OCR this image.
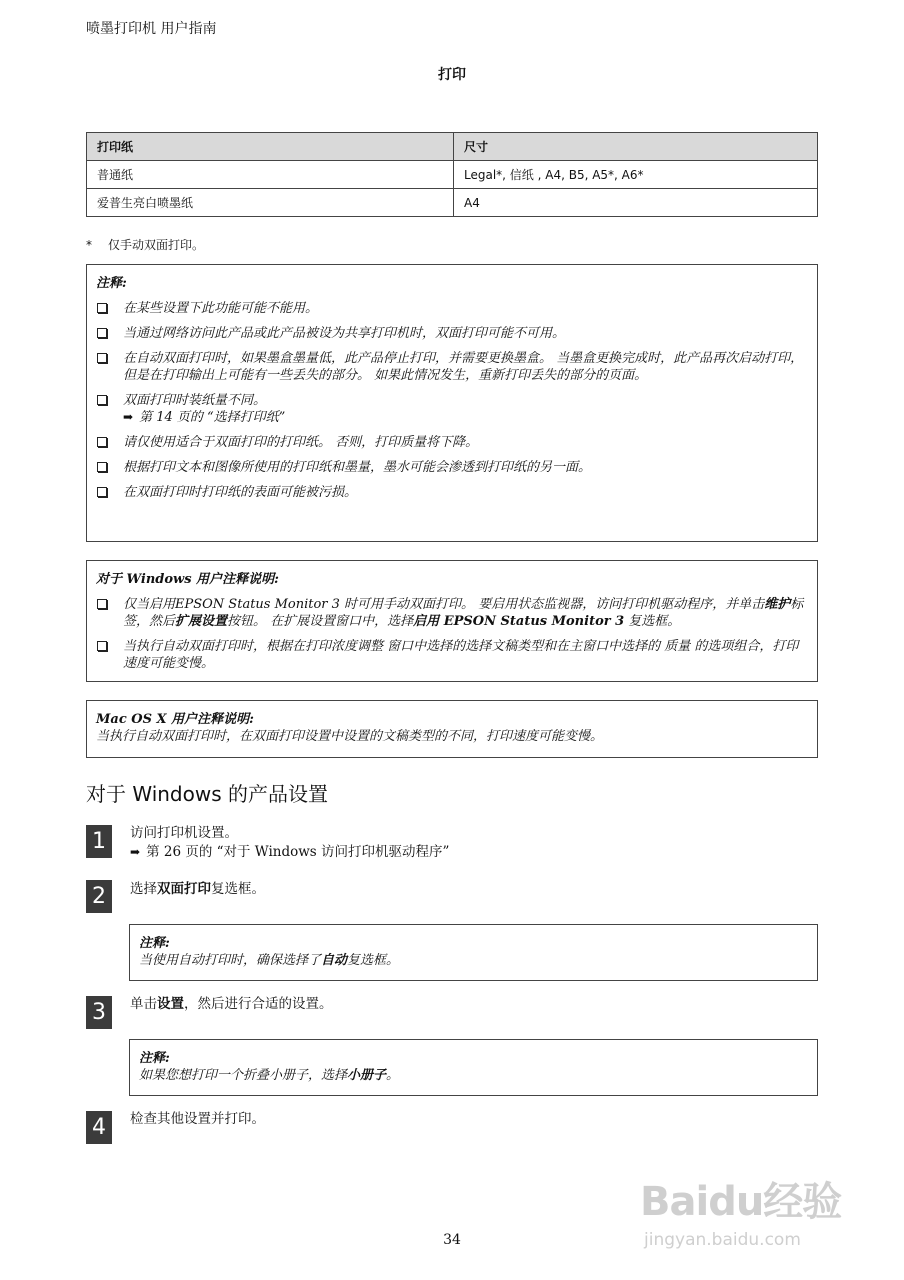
喷墨打印机 用户指南
打印
打印纸	尺寸
普通纸	Legal*, 信纸 , A4, B5, A5*, A6*
爱普生亮白喷墨纸	A4
* 仅手动双面打印。
注释:
在某些设置下此功能可能不能用。
当通过网络访问此产品或此产品被设为共享打印机时，双面打印可能不可用。
在自动双面打印时，如果墨盒墨量低，此产品停止打印，并需要更换墨盒。 当墨盒更换完成时，此产品再次启动打印，但是在打印输出上可能有一些丢失的部分。 如果此情况发生，重新打印丢失的部分的页面。
双面打印时装纸量不同。
➡ 第 14 页的 “选择打印纸”
请仅使用适合于双面打印的打印纸。 否则，打印质量将下降。
根据打印文本和图像所使用的打印纸和墨量，墨水可能会渗透到打印纸的另一面。
在双面打印时打印纸的表面可能被污损。
对于 Windows 用户注释说明:
仅当启用EPSON Status Monitor 3 时可用手动双面打印。 要启用状态监视器，访问打印机驱动程序，并单击维护标签，然后扩展设置按钮。 在扩展设置窗口中，选择启用 EPSON Status Monitor 3 复选框。
当执行自动双面打印时，根据在打印浓度调整 窗口中选择的选择文稿类型和在主窗口中选择的 质量 的选项组合，打印速度可能变慢。
Mac OS X 用户注释说明:
当执行自动双面打印时，在双面打印设置中设置的文稿类型的不同，打印速度可能变慢。
对于 Windows 的产品设置
1	访问打印机设置。
➡ 第 26 页的 “对于 Windows 访问打印机驱动程序”
2	选择双面打印复选框。
注释:
当使用自动打印时，确保选择了自动复选框。
3	单击设置，然后进行合适的设置。
注释:
如果您想打印一个折叠小册子，选择小册子。
4	检查其他设置并打印。
Baidu经验
jingyan.baidu.com
34
